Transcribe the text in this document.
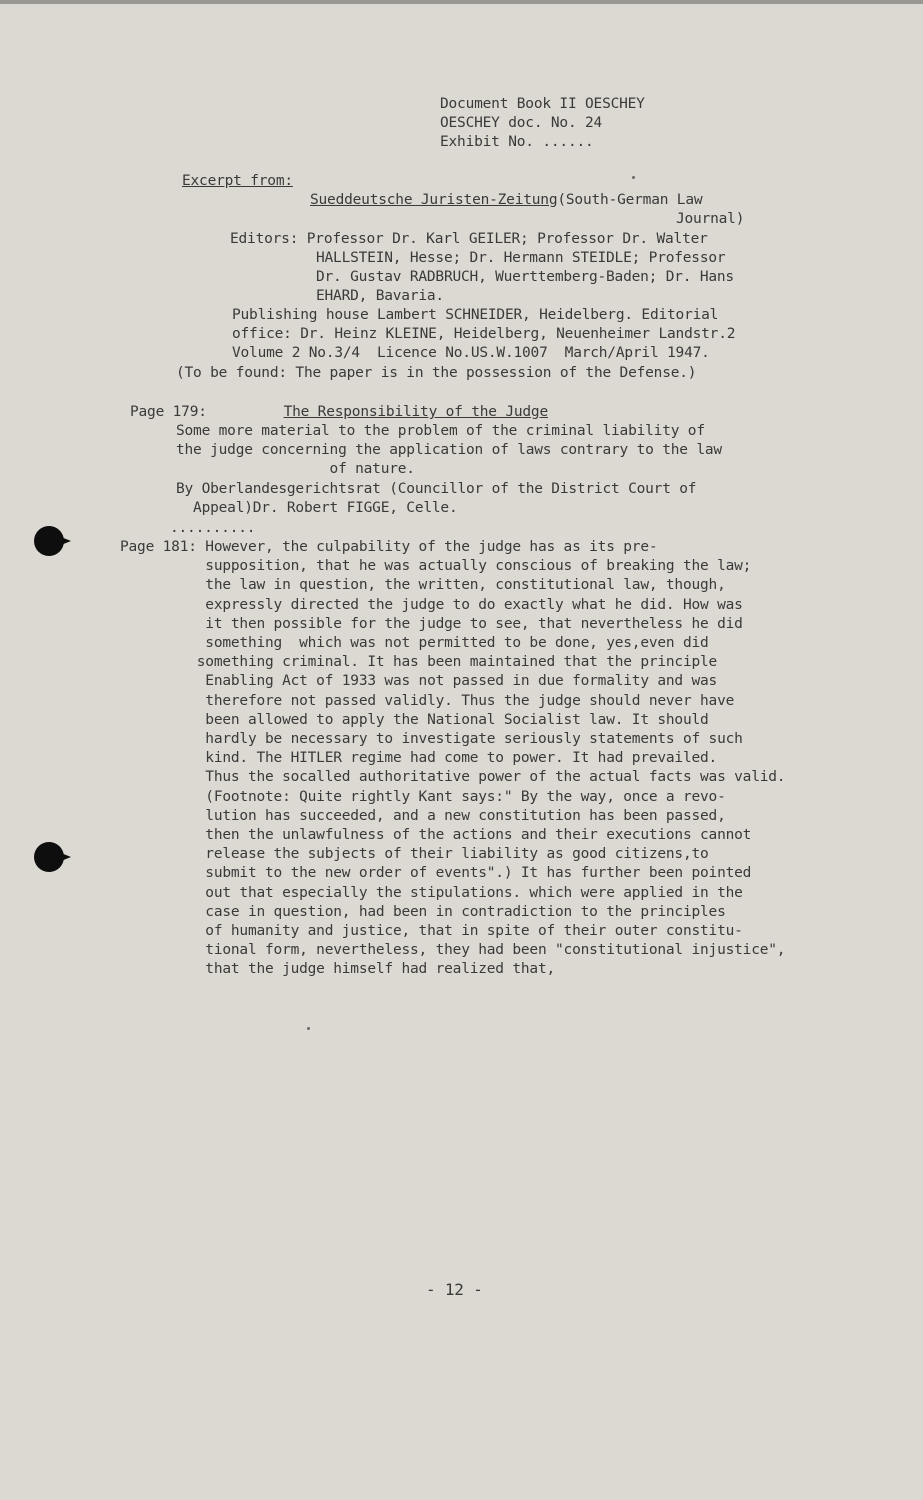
Document Book II OESCHEY
OESCHEY doc. No. 24
Exhibit No. ......
Excerpt from:
Sueddeutsche Juristen-Zeitung(South-German Law
Journal)
Editors: Professor Dr. Karl GEILER; Professor Dr. Walter
HALLSTEIN, Hesse; Dr. Hermann STEIDLE; Professor
Dr. Gustav RADBRUCH, Wuerttemberg-Baden; Dr. Hans
EHARD, Bavaria.
Publishing house Lambert SCHNEIDER, Heidelberg. Editorial
office: Dr. Heinz KLEINE, Heidelberg, Neuenheimer Landstr.2
Volume 2 No.3/4  Licence No.US.W.1007  March/April 1947.
(To be found: The paper is in the possession of the Defense.)
Page 179:	The Responsibility of the Judge
Some more material to the problem of the criminal liability of
the judge concerning the application of laws contrary to the law
of nature.
By Oberlandesgerichtsrat (Councillor of the District Court of
Appeal)Dr. Robert FIGGE, Celle.
..........
Page 181: However, the culpability of the judge has as its pre-
supposition, that he was actually conscious of breaking the law;
the law in question, the written, constitutional law, though,
expressly directed the judge to do exactly what he did. How was
it then possible for the judge to see, that nevertheless he did
something  which was not permitted to be done, yes,even did
something criminal. It has been maintained that the principle
Enabling Act of 1933 was not passed in due formality and was
therefore not passed validly. Thus the judge should never have
been allowed to apply the National Socialist law. It should
hardly be necessary to investigate seriously statements of such
kind. The HITLER regime had come to power. It had prevailed.
Thus the socalled authoritative power of the actual facts was valid.
(Footnote: Quite rightly Kant says:" By the way, once a revo-
lution has succeeded, and a new constitution has been passed,
then the unlawfulness of the actions and their executions cannot
release the subjects of their liability as good citizens,to
submit to the new order of events".) It has further been pointed
out that especially the stipulations. which were applied in the
case in question, had been in contradiction to the principles
of humanity and justice, that in spite of their outer constitu-
tional form, nevertheless, they had been "constitutional injustice",
that the judge himself had realized that,
- 12 -
